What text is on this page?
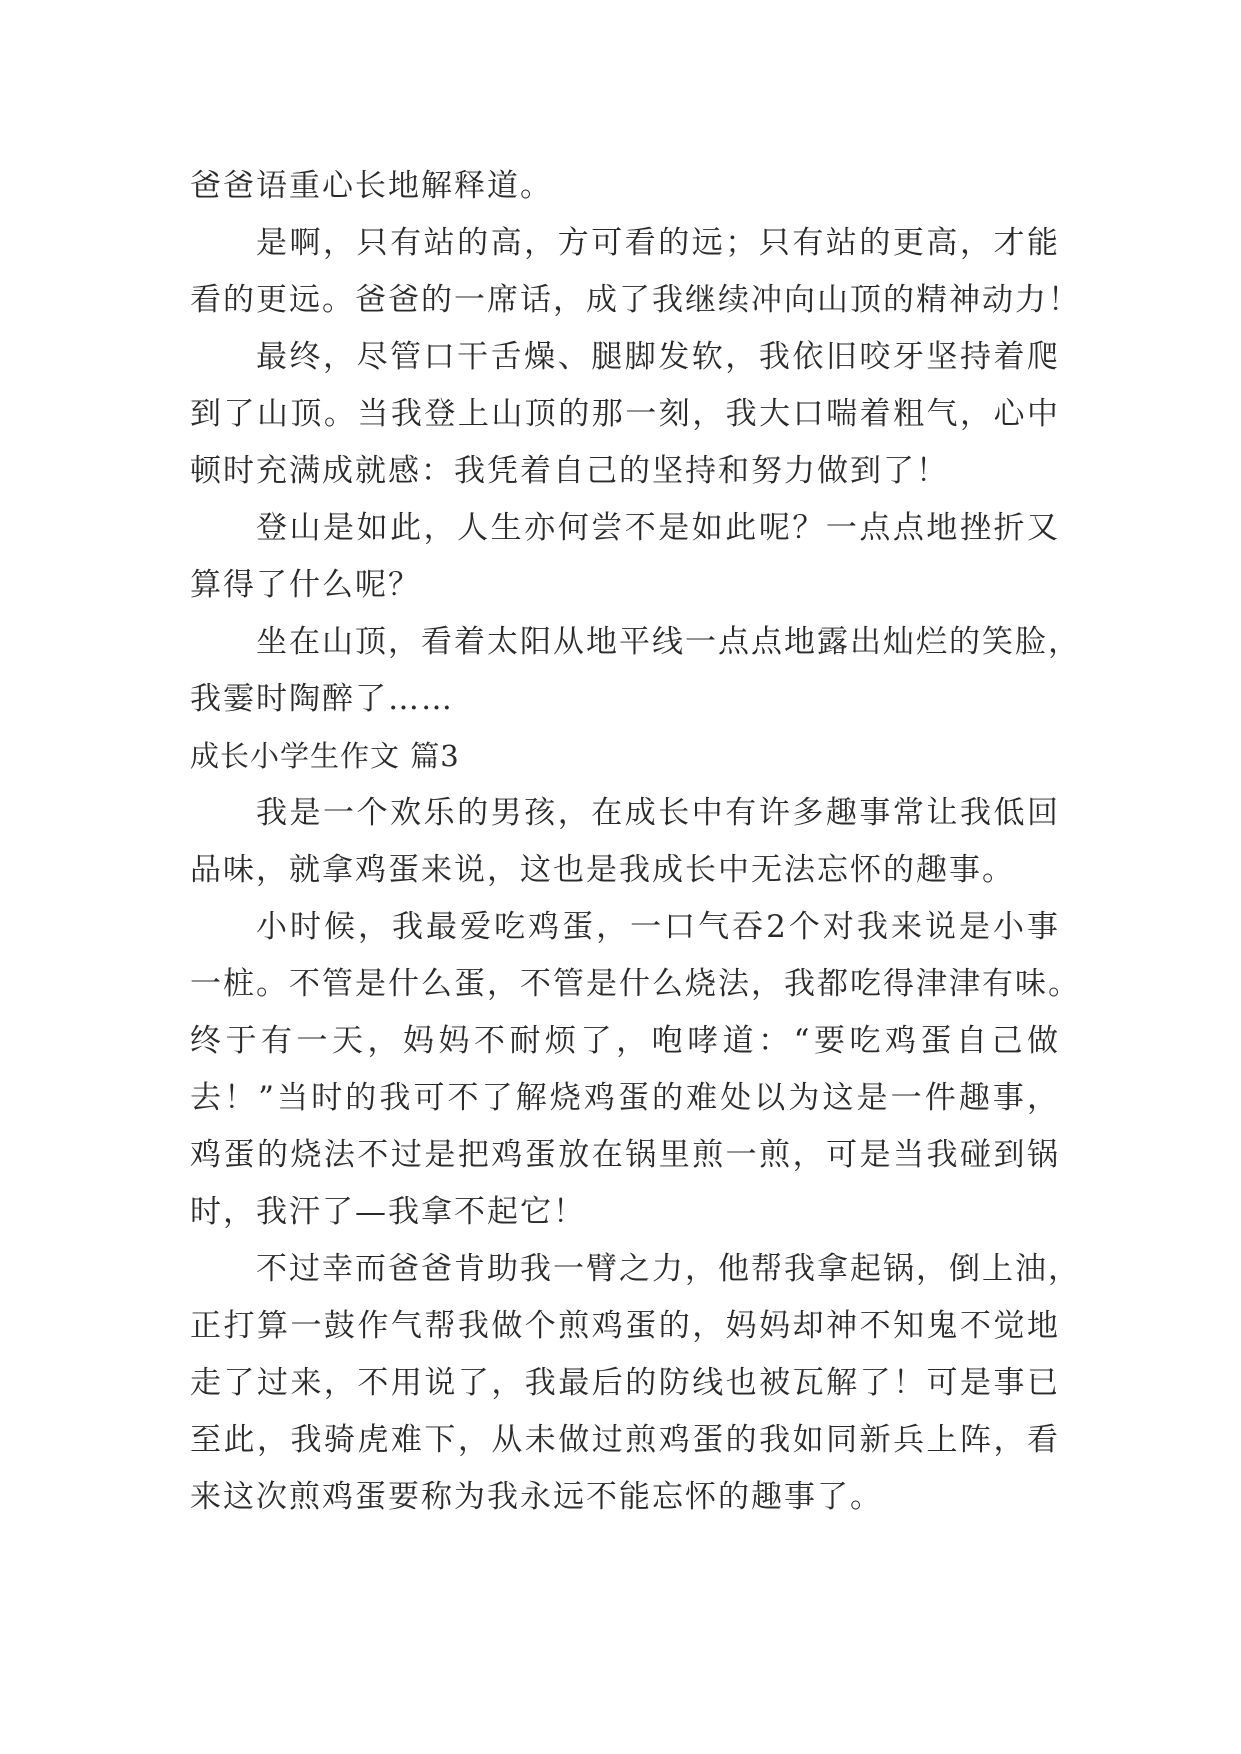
爸爸语重心长地解释道。
是啊，只有站的高，方可看的远；只有站的更高，才能
看的更远。爸爸的一席话，成了我继续冲向山顶的精神动力！
最终，尽管口干舌燥、腿脚发软，我依旧咬牙坚持着爬
到了山顶。当我登上山顶的那一刻，我大口喘着粗气，心中
顿时充满成就感：我凭着自己的坚持和努力做到了！
登山是如此，人生亦何尝不是如此呢？一点点地挫折又
算得了什么呢？
坐在山顶，看着太阳从地平线一点点地露出灿烂的笑脸，
我霎时陶醉了……
成长小学生作文 篇3
我是一个欢乐的男孩，在成长中有许多趣事常让我低回
品味，就拿鸡蛋来说，这也是我成长中无法忘怀的趣事。
小时候，我最爱吃鸡蛋，一口气吞2个对我来说是小事
一桩。不管是什么蛋，不管是什么烧法，我都吃得津津有味。
终于有一天，妈妈不耐烦了，咆哮道：“要吃鸡蛋自己做
去！”当时的我可不了解烧鸡蛋的难处以为这是一件趣事，
鸡蛋的烧法不过是把鸡蛋放在锅里煎一煎，可是当我碰到锅
时，我汗了—我拿不起它！
不过幸而爸爸肯助我一臂之力，他帮我拿起锅，倒上油，
正打算一鼓作气帮我做个煎鸡蛋的，妈妈却神不知鬼不觉地
走了过来，不用说了，我最后的防线也被瓦解了！可是事已
至此，我骑虎难下，从未做过煎鸡蛋的我如同新兵上阵，看
来这次煎鸡蛋要称为我永远不能忘怀的趣事了。
